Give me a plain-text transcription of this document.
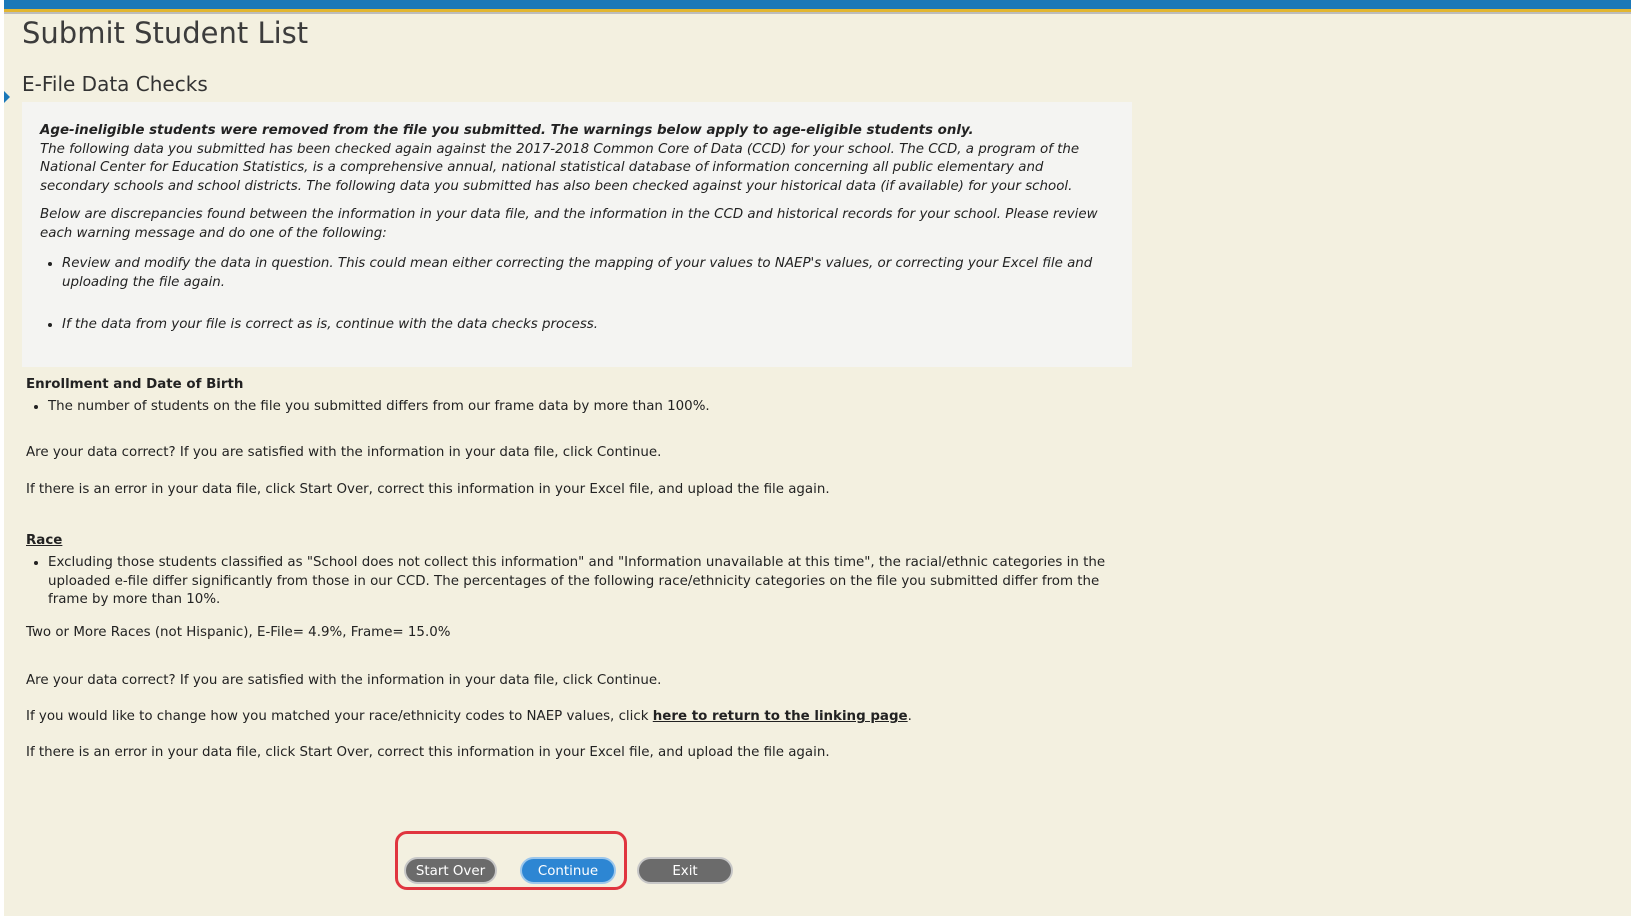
Submit Student List
E-File Data Checks

Age-ineligible students were removed from the file you submitted. The warnings below apply to age-eligible students only.

The following data you submitted has been checked again against the 2017-2018 Common Core of Data (CCD) for your school. The CCD, a program of the National Center for Education Statistics, is a comprehensive annual, national statistical database of information concerning all public elementary and secondary schools and school districts. The following data you submitted has also been checked against your historical data (if available) for your school.

Below are discrepancies found between the information in your data file, and the information in the CCD and historical records for your school. Please review each warning message and do one of the following:

• Review and modify the data in question. This could mean either correcting the mapping of your values to NAEP's values, or correcting your Excel file and uploading the file again.
• If the data from your file is correct as is, continue with the data checks process.
Enrollment and Date of Birth
• The number of students on the file you submitted differs from our frame data by more than 100%.

Are your data correct? If you are satisfied with the information in your data file, click Continue.

If there is an error in your data file, click Start Over, correct this information in your Excel file, and upload the file again.

Race
• Excluding those students classified as "School does not collect this information" and "Information unavailable at this time", the racial/ethnic categories in the uploaded e-file differ significantly from those in our CCD. The percentages of the following race/ethnicity categories on the file you submitted differ from the frame by more than 10%.

Two or More Races (not Hispanic), E-File= 4.9%, Frame= 15.0%

Are your data correct? If you are satisfied with the information in your data file, click Continue.

If you would like to change how you matched your race/ethnicity codes to NAEP values, click here to return to the linking page.

If there is an error in your data file, click Start Over, correct this information in your Excel file, and upload the file again.

Start Over	Continue	Exit
